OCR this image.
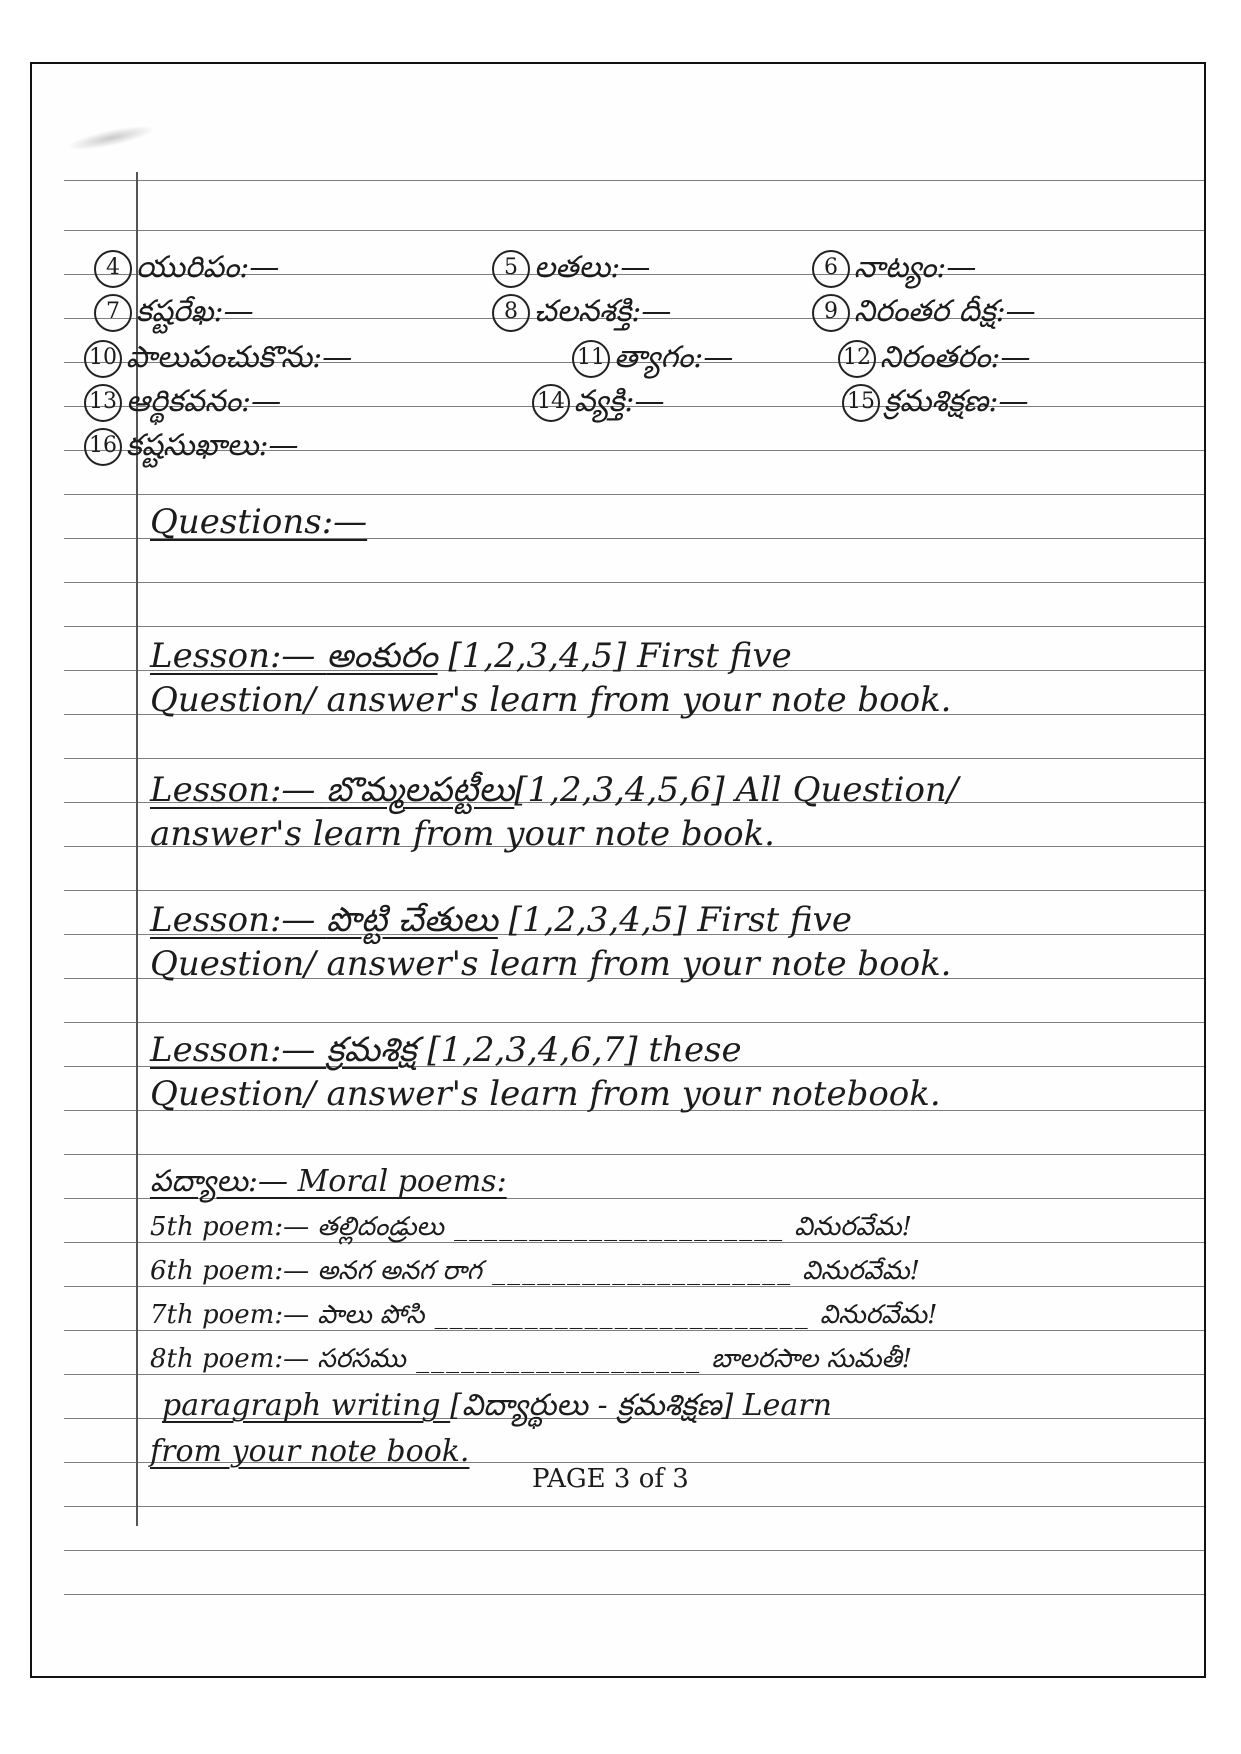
4 యురిపం:—	5 లతలు:—	6 నాట్యం:—
7 కష్టరేఖ:—	8 చలనశక్తి:—	9 నిరంతర దీక్ష:—
10 పాలుపంచుకొను:—	11 త్యాగం:—	12 నిరంతరం:—
13 ఆర్థికవనం:—	14 వ్యక్తి:—	15 క్రమశిక్షణ:—
16 కష్టసుఖాలు:—
Questions:—
Lesson:— అంకురం [1,2,3,4,5] First five
Question/ answer's learn from your note book.
Lesson:— బొమ్మలపట్టీలు[1,2,3,4,5,6] All Question/
answer's learn from your note book.
Lesson:— పొట్టి చేతులు [1,2,3,4,5] First five
Question/ answer's learn from your note book.
Lesson:— క్రమశిక్ష [1,2,3,4,6,7] these
Question/ answer's learn from your notebook.
పద్యాలు:— Moral poems:
5th poem:— తల్లిదండ్రులు ______________________ వినురవేమ!
6th poem:— అనగ అనగ రాగ ____________________ వినురవేమ!
7th poem:— పాలు పోసి _________________________ వినురవేమ!
8th poem:— సరసము ___________________ బాలరసాల సుమతీ!
paragraph writing [విద్యార్థులు - క్రమశిక్షణ] Learn
from your note book.
PAGE 3 of 3
